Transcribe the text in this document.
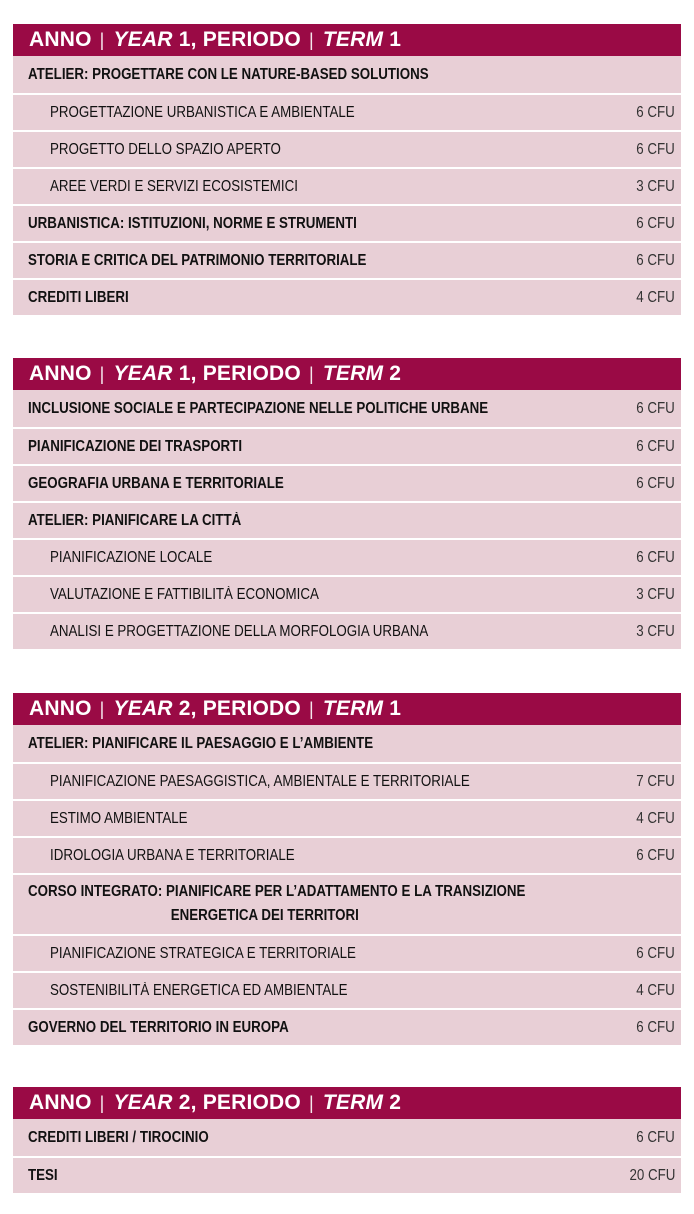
ANNO | YEAR
1,
PERIODO | TERM
1
ATELIER: PROGETTARE CON LE NATURE-BASED SOLUTIONS
PROGETTAZIONE URBANISTICA E AMBIENTALE	6 CFU
PROGETTO DELLO SPAZIO APERTO	6 CFU
AREE VERDI E SERVIZI ECOSISTEMICI	3 CFU
URBANISTICA: ISTITUZIONI, NORME E STRUMENTI	6 CFU
STORIA E CRITICA DEL PATRIMONIO TERRITORIALE	6 CFU
CREDITI LIBERI	4 CFU
ANNO | YEAR
1,
PERIODO | TERM
2
INCLUSIONE SOCIALE E PARTECIPAZIONE NELLE POLITICHE URBANE	6 CFU
PIANIFICAZIONE DEI TRASPORTI	6 CFU
GEOGRAFIA URBANA E TERRITORIALE	6 CFU
ATELIER: PIANIFICARE LA CITTÀ
PIANIFICAZIONE LOCALE	6 CFU
VALUTAZIONE E FATTIBILITÀ ECONOMICA	3 CFU
ANALISI E PROGETTAZIONE DELLA MORFOLOGIA URBANA	3 CFU
ANNO | YEAR
2,
PERIODO | TERM
1
ATELIER: PIANIFICARE IL PAESAGGIO E L’AMBIENTE
PIANIFICAZIONE PAESAGGISTICA, AMBIENTALE E TERRITORIALE	7 CFU
ESTIMO AMBIENTALE	4 CFU
IDROLOGIA URBANA E TERRITORIALE	6 CFU
CORSO INTEGRATO: PIANIFICARE PER L’ADATTAMENTO E LA TRANSIZIONE
ENERGETICA DEI TERRITORI
PIANIFICAZIONE STRATEGICA E TERRITORIALE	6 CFU
SOSTENIBILITÀ ENERGETICA ED AMBIENTALE	4 CFU
GOVERNO DEL TERRITORIO IN EUROPA	6 CFU
ANNO | YEAR
2,
PERIODO | TERM
2
CREDITI LIBERI / TIROCINIO	6 CFU
TESI	20 CFU
